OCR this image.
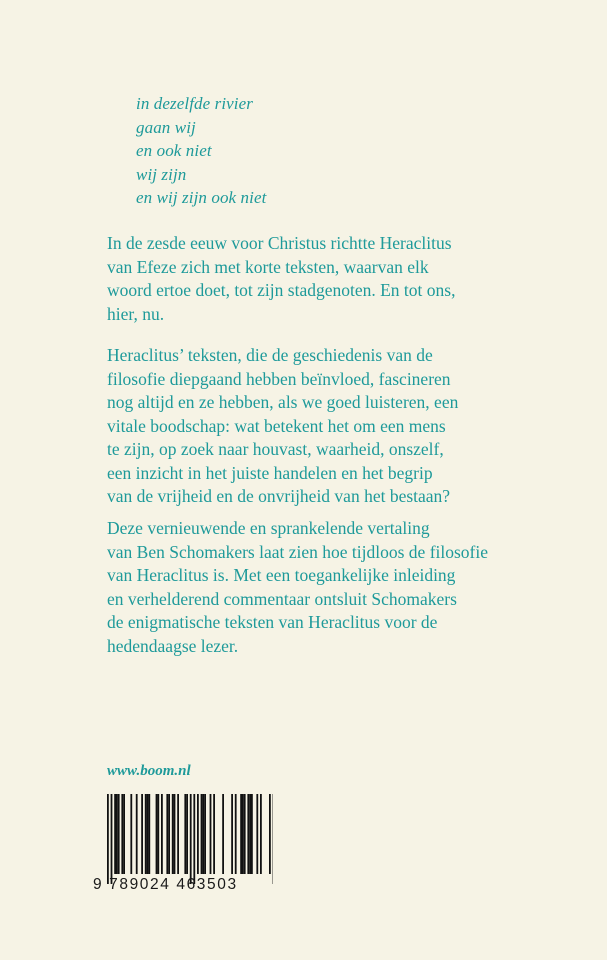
in dezelfde rivier
gaan wij
en ook niet
wij zijn
en wij zijn ook niet
In de zesde eeuw voor Christus richtte Heraclitus
van Efeze zich met korte teksten, waarvan elk
woord ertoe doet, tot zijn stadgenoten. En tot ons,
hier, nu.
Heraclitus’ teksten, die de geschiedenis van de
filosofie diepgaand hebben beïnvloed, fascineren
nog altijd en ze hebben, als we goed luisteren, een
vitale boodschap: wat betekent het om een mens
te zijn, op zoek naar houvast, waarheid, onszelf,
een inzicht in het juiste handelen en het begrip
van de vrijheid en de onvrijheid van het bestaan?
Deze vernieuwende en sprankelende vertaling
van Ben Schomakers laat zien hoe tijdloos de filosofie
van Heraclitus is. Met een toegankelijke inleiding
en verhelderend commentaar ontsluit Schomakers
de enigmatische teksten van Heraclitus voor de
hedendaagse lezer.
www.boom.nl
9 789024 463503
